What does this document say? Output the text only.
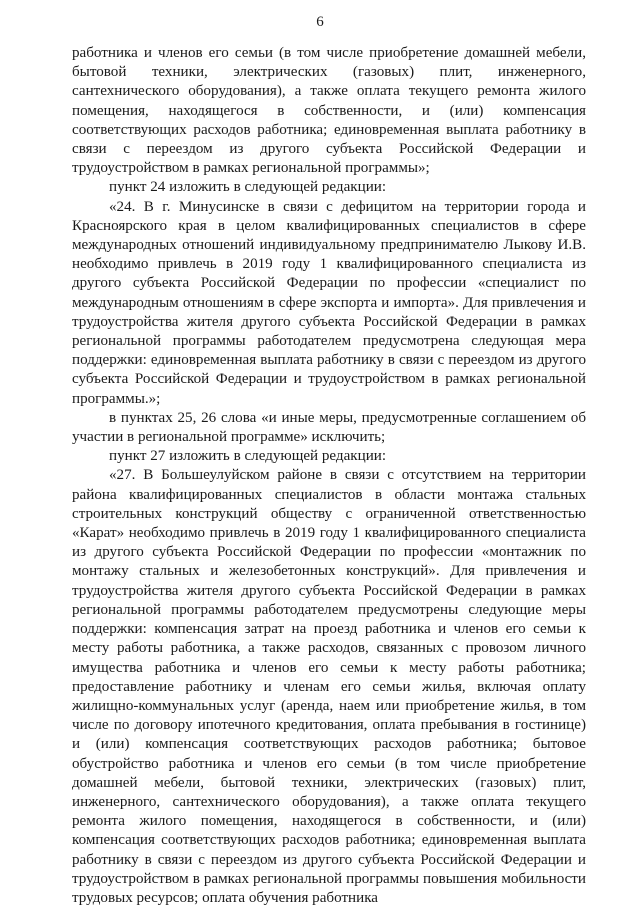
6

работника и членов его семьи (в том числе приобретение домашней мебели, бытовой техники, электрических (газовых) плит, инженерного, сантехнического оборудования), а также оплата текущего ремонта жилого помещения, находящегося в собственности, и (или) компенсация соответствующих расходов работника; единовременная выплата работнику в связи с переездом из другого субъекта Российской Федерации и трудоустройством в рамках региональной программы»;

пункт 24 изложить в следующей редакции:

«24. В г. Минусинске в связи с дефицитом на территории города и Красноярского края в целом квалифицированных специалистов в сфере международных отношений индивидуальному предпринимателю Лыкову И.В. необходимо привлечь в 2019 году 1 квалифицированного специалиста из другого субъекта Российской Федерации по профессии «специалист по международным отношениям в сфере экспорта и импорта». Для привлечения и трудоустройства жителя другого субъекта Российской Федерации в рамках региональной программы работодателем предусмотрена следующая мера поддержки: единовременная выплата работнику в связи с переездом из другого субъекта Российской Федерации и трудоустройством в рамках региональной программы.»;

в пунктах 25, 26 слова «и иные меры, предусмотренные соглашением об участии в региональной программе» исключить;

пункт 27 изложить в следующей редакции:

«27. В Большеулуйском районе в связи с отсутствием на территории района квалифицированных специалистов в области монтажа стальных строительных конструкций обществу с ограниченной ответственностью «Карат» необходимо привлечь в 2019 году 1 квалифицированного специалиста из другого субъекта Российской Федерации по профессии «монтажник по монтажу стальных и железобетонных конструкций». Для привлечения и трудоустройства жителя другого субъекта Российской Федерации в рамках региональной программы работодателем предусмотрены следующие меры поддержки: компенсация затрат на проезд работника и членов его семьи к месту работы работника, а также расходов, связанных с провозом личного имущества работника и членов его семьи к месту работы работника; предоставление работнику и членам его семьи жилья, включая оплату жилищно-коммунальных услуг (аренда, наем или приобретение жилья, в том числе по договору ипотечного кредитования, оплата пребывания в гостинице) и (или) компенсация соответствующих расходов работника; бытовое обустройство работника и членов его семьи (в том числе приобретение домашней мебели, бытовой техники, электрических (газовых) плит, инженерного, сантехнического оборудования), а также оплата текущего ремонта жилого помещения, находящегося в собственности, и (или) компенсация соответствующих расходов работника; единовременная выплата работнику в связи с переездом из другого субъекта Российской Федерации и трудоустройством в рамках региональной программы повышения мобильности трудовых ресурсов; оплата обучения работника
